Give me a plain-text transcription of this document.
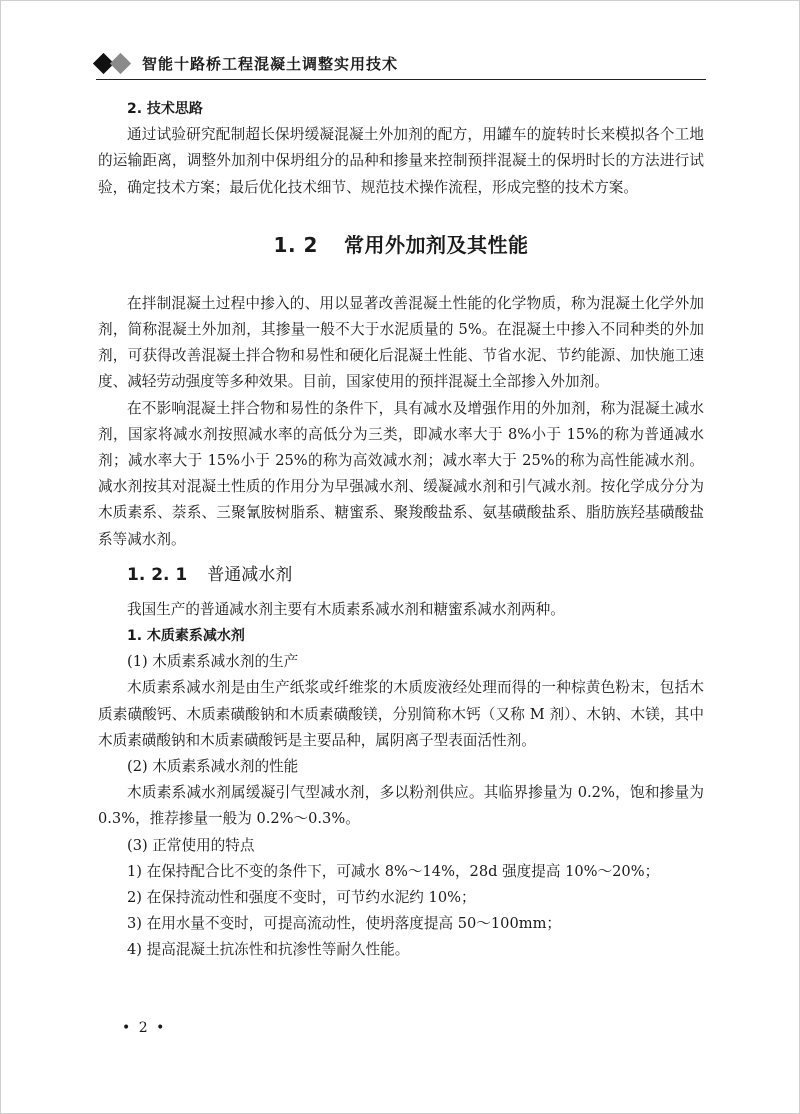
智能十路桥工程混凝土调整实用技术

2. 技术思路

通过试验研究配制超长保坍缓凝混凝土外加剂的配方，用罐车的旋转时长来模拟各个工地的运输距离，调整外加剂中保坍组分的品种和掺量来控制预拌混凝土的保坍时长的方法进行试验，确定技术方案；最后优化技术细节、规范技术操作流程，形成完整的技术方案。

1. 2 常用外加剂及其性能

在拌制混凝土过程中掺入的、用以显著改善混凝土性能的化学物质，称为混凝土化学外加剂，简称混凝土外加剂，其掺量一般不大于水泥质量的 5%。在混凝土中掺入不同种类的外加剂，可获得改善混凝土拌合物和易性和硬化后混凝土性能、节省水泥、节约能源、加快施工速度、减轻劳动强度等多种效果。目前，国家使用的预拌混凝土全部掺入外加剂。

在不影响混凝土拌合物和易性的条件下，具有减水及增强作用的外加剂，称为混凝土减水剂，国家将减水剂按照减水率的高低分为三类，即减水率大于 8%小于 15%的称为普通减水剂；减水率大于 15%小于 25%的称为高效减水剂；减水率大于 25%的称为高性能减水剂。减水剂按其对混凝土性质的作用分为早强减水剂、缓凝减水剂和引气减水剂。按化学成分分为木质素系、萘系、三聚氰胺树脂系、糖蜜系、聚羧酸盐系、氨基磺酸盐系、脂肪族羟基磺酸盐系等减水剂。

1. 2. 1 普通减水剂

我国生产的普通减水剂主要有木质素系减水剂和糖蜜系减水剂两种。

1. 木质素系减水剂

(1) 木质素系减水剂的生产

木质素系减水剂是由生产纸浆或纤维浆的木质废液经处理而得的一种棕黄色粉末，包括木质素磺酸钙、木质素磺酸钠和木质素磺酸镁，分别简称木钙（又称 M 剂）、木钠、木镁，其中木质素磺酸钠和木质素磺酸钙是主要品种，属阴离子型表面活性剂。

(2) 木质素系减水剂的性能

木质素系减水剂属缓凝引气型减水剂，多以粉剂供应。其临界掺量为 0.2%，饱和掺量为 0.3%，推荐掺量一般为 0.2%～0.3%。

(3) 正常使用的特点

1) 在保持配合比不变的条件下，可减水 8%～14%，28d 强度提高 10%～20%；

2) 在保持流动性和强度不变时，可节约水泥约 10%；

3) 在用水量不变时，可提高流动性，使坍落度提高 50～100mm；

4) 提高混凝土抗冻性和抗渗性等耐久性能。

• 2 •
